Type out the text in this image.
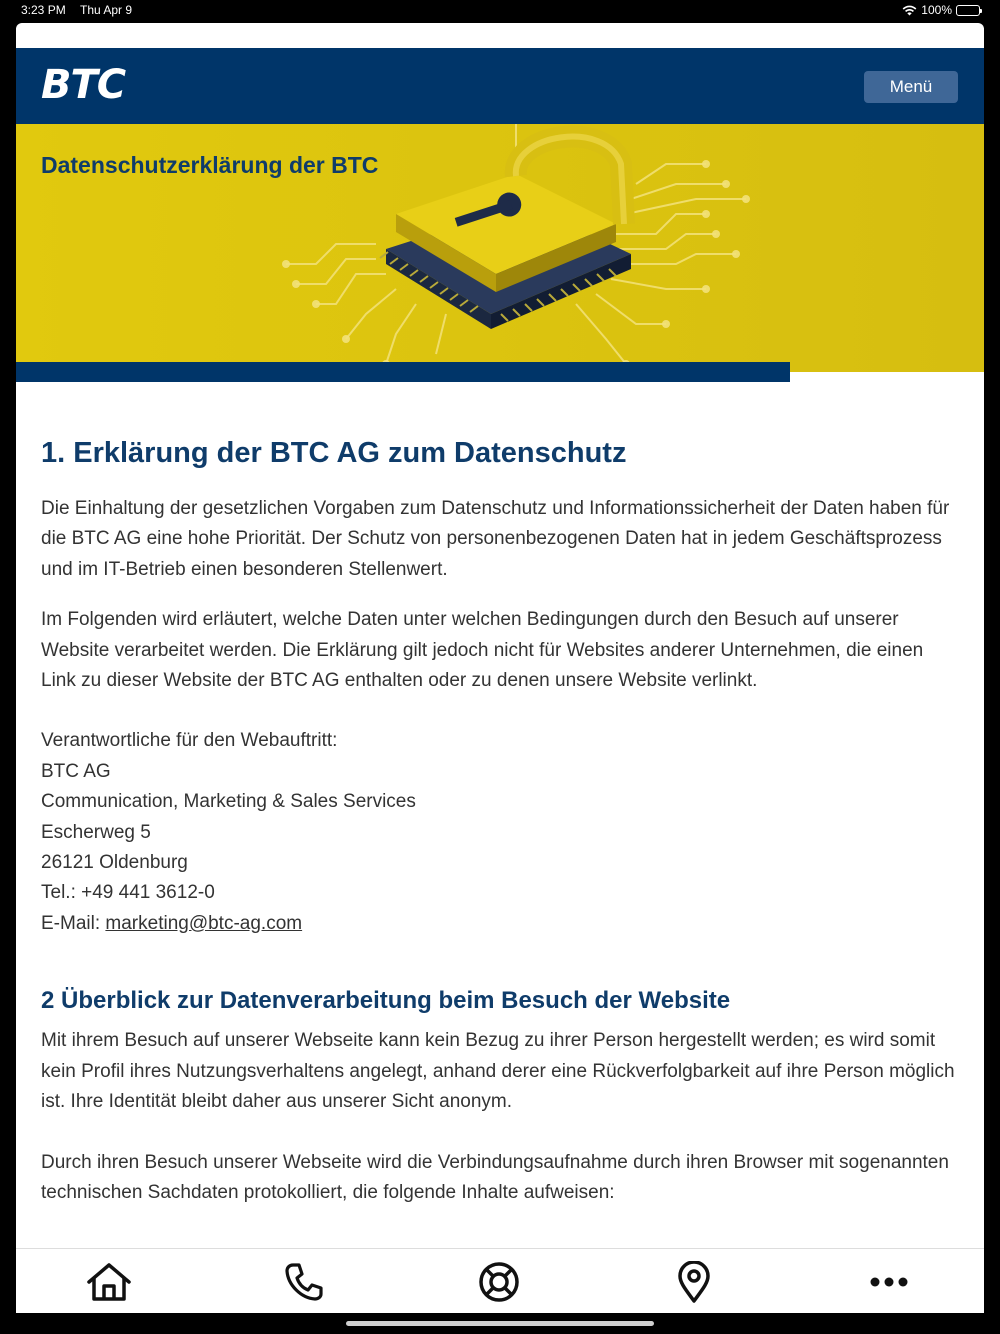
3:23 PM Thu Apr 9	100%
BTC	Menü
Datenschutzerklärung der BTC
1. Erklärung der BTC AG zum Datenschutz

Die Einhaltung der gesetzlichen Vorgaben zum Datenschutz und Informationssicherheit der Daten haben für die BTC AG eine hohe Priorität. Der Schutz von personenbezogenen Daten hat in jedem Geschäftsprozess und im IT-Betrieb einen besonderen Stellenwert.

Im Folgenden wird erläutert, welche Daten unter welchen Bedingungen durch den Besuch auf unserer Website verarbeitet werden. Die Erklärung gilt jedoch nicht für Websites anderer Unternehmen, die einen Link zu dieser Website der BTC AG enthalten oder zu denen unsere Website verlinkt.

Verantwortliche für den Webauftritt:
BTC AG
Communication, Marketing & Sales Services
Escherweg 5
26121 Oldenburg
Tel.: +49 441 3612-0
E-Mail: marketing@btc-ag.com
2 Überblick zur Datenverarbeitung beim Besuch der Website

Mit ihrem Besuch auf unserer Webseite kann kein Bezug zu ihrer Person hergestellt werden; es wird somit kein Profil ihres Nutzungsverhaltens angelegt, anhand derer eine Rückverfolgbarkeit auf ihre Person möglich ist. Ihre Identität bleibt daher aus unserer Sicht anonym.

Durch ihren Besuch unserer Webseite wird die Verbindungsaufnahme durch ihren Browser mit sogenannten technischen Sachdaten protokolliert, die folgende Inhalte aufweisen:
